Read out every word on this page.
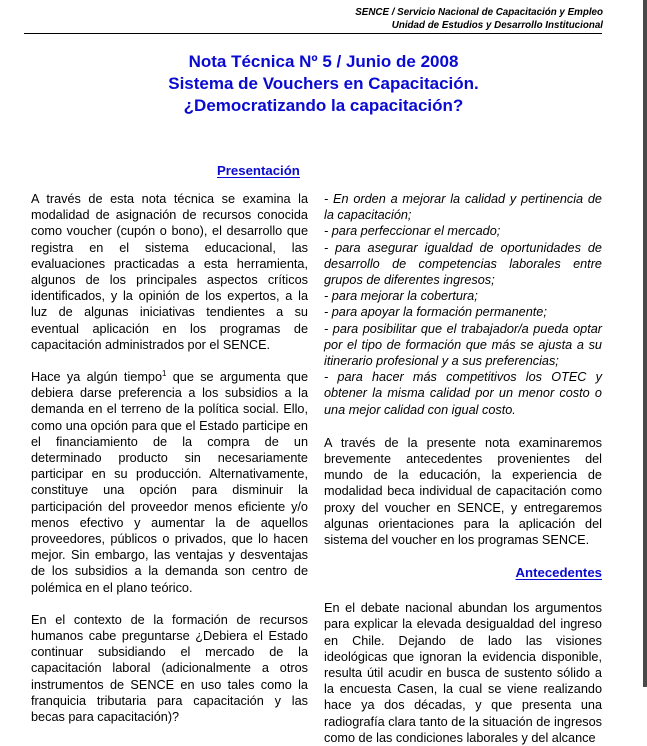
SENCE / Servicio Nacional de Capacitación y Empleo
Unidad de Estudios y Desarrollo Institucional
Nota Técnica Nº 5 / Junio de 2008
Sistema de Vouchers en Capacitación.
¿Democratizando la capacitación?
Presentación

A través de esta nota técnica se examina la modalidad de asignación de recursos conocida como voucher (cupón o bono), el desarrollo que registra en el sistema educacional, las evaluaciones practicadas a esta herramienta, algunos de los principales aspectos críticos identificados, y la opinión de los expertos, a la luz de algunas iniciativas tendientes a su eventual aplicación en los programas de capacitación administrados por el SENCE.

Hace ya algún tiempo$^1$ que se argumenta que debiera darse preferencia a los subsidios a la demanda en el terreno de la política social. Ello, como una opción para que el Estado participe en el financiamiento de la compra de un determinado producto sin necesariamente participar en su producción. Alternativamente, constituye una opción para disminuir la participación del proveedor menos eficiente y/o menos efectivo y aumentar la de aquellos proveedores, públicos o privados, que lo hacen mejor. Sin embargo, las ventajas y desventajas de los subsidios a la demanda son centro de polémica en el plano teórico.

En el contexto de la formación de recursos humanos cabe preguntarse ¿Debiera el Estado continuar subsidiando el mercado de la capacitación laboral (adicionalmente a otros instrumentos de SENCE en uso tales como la franquicia tributaria para capacitación y las becas para capacitación)?

- En orden a mejorar la calidad y pertinencia de la capacitación;

- para perfeccionar el mercado;

- para asegurar igualdad de oportunidades de desarrollo de competencias laborales entre grupos de diferentes ingresos;

- para mejorar la cobertura;

- para apoyar la formación permanente;

- para posibilitar que el trabajador/a pueda optar por el tipo de formación que más se ajusta a su itinerario profesional y a sus preferencias;

- para hacer más competitivos los OTEC y obtener la misma calidad por un menor costo o una mejor calidad con igual costo.

A través de la presente nota examinaremos brevemente antecedentes provenientes del mundo de la educación, la experiencia de modalidad beca individual de capacitación como proxy del voucher en SENCE, y entregaremos algunas orientaciones para la aplicación del sistema del voucher en los programas SENCE.

Antecedentes

En el debate nacional abundan los argumentos para explicar la elevada desigualdad del ingreso en Chile. Dejando de lado las visiones ideológicas que ignoran la evidencia disponible, resulta útil acudir en busca de sustento sólido a la encuesta Casen, la cual se viene realizando hace ya dos décadas, y que presenta una radiografía clara tanto de la situación de ingresos como de las condiciones laborales y del alcance
